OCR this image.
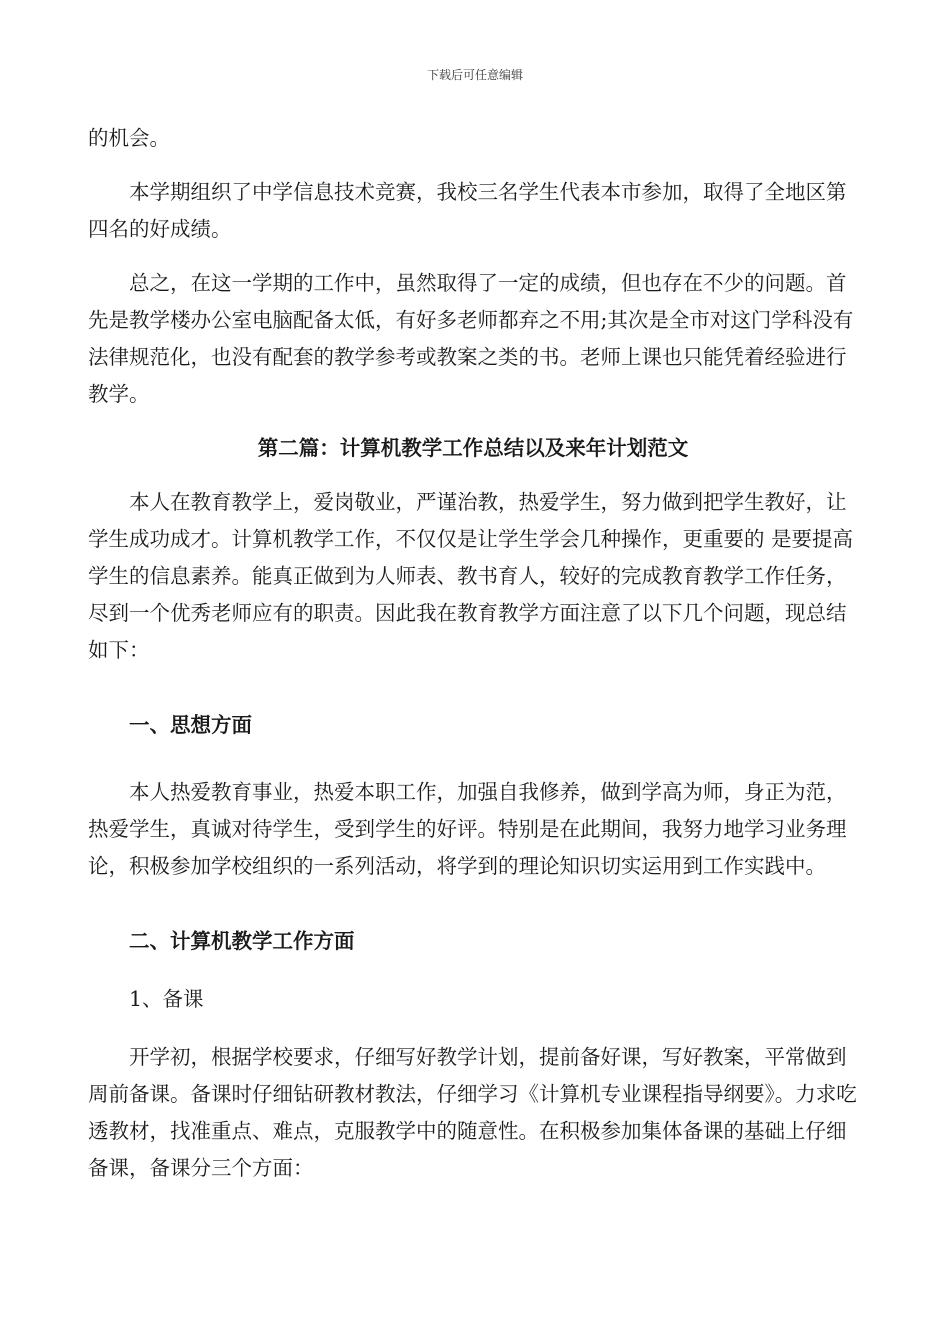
下载后可任意编辑

的机会。

本学期组织了中学信息技术竞赛，我校三名学生代表本市参加，取得了全地区第四名的好成绩。

总之，在这一学期的工作中，虽然取得了一定的成绩，但也存在不少的问题。首先是教学楼办公室电脑配备太低，有好多老师都弃之不用;其次是全市对这门学科没有法律规范化，也没有配套的教学参考或教案之类的书。老师上课也只能凭着经验进行教学。

第二篇：计算机教学工作总结以及来年计划范文

本人在教育教学上，爱岗敬业，严谨治教，热爱学生，努力做到把学生教好，让学生成功成才。计算机教学工作，不仅仅是让学生学会几种操作，更重要的 是要提高学生的信息素养。能真正做到为人师表、教书育人，较好的完成教育教学工作任务，尽到一个优秀老师应有的职责。因此我在教育教学方面注意了以下几个问题，现总结如下：

一、思想方面

本人热爱教育事业，热爱本职工作，加强自我修养，做到学高为师，身正为范，热爱学生，真诚对待学生，受到学生的好评。特别是在此期间，我努力地学习业务理论，积极参加学校组织的一系列活动，将学到的理论知识切实运用到工作实践中。

二、计算机教学工作方面

1、备课

开学初，根据学校要求，仔细写好教学计划，提前备好课，写好教案，平常做到周前备课。备课时仔细钻研教材教法，仔细学习《计算机专业课程指导纲要》。力求吃透教材，找准重点、难点，克服教学中的随意性。在积极参加集体备课的基础上仔细备课，备课分三个方面：
